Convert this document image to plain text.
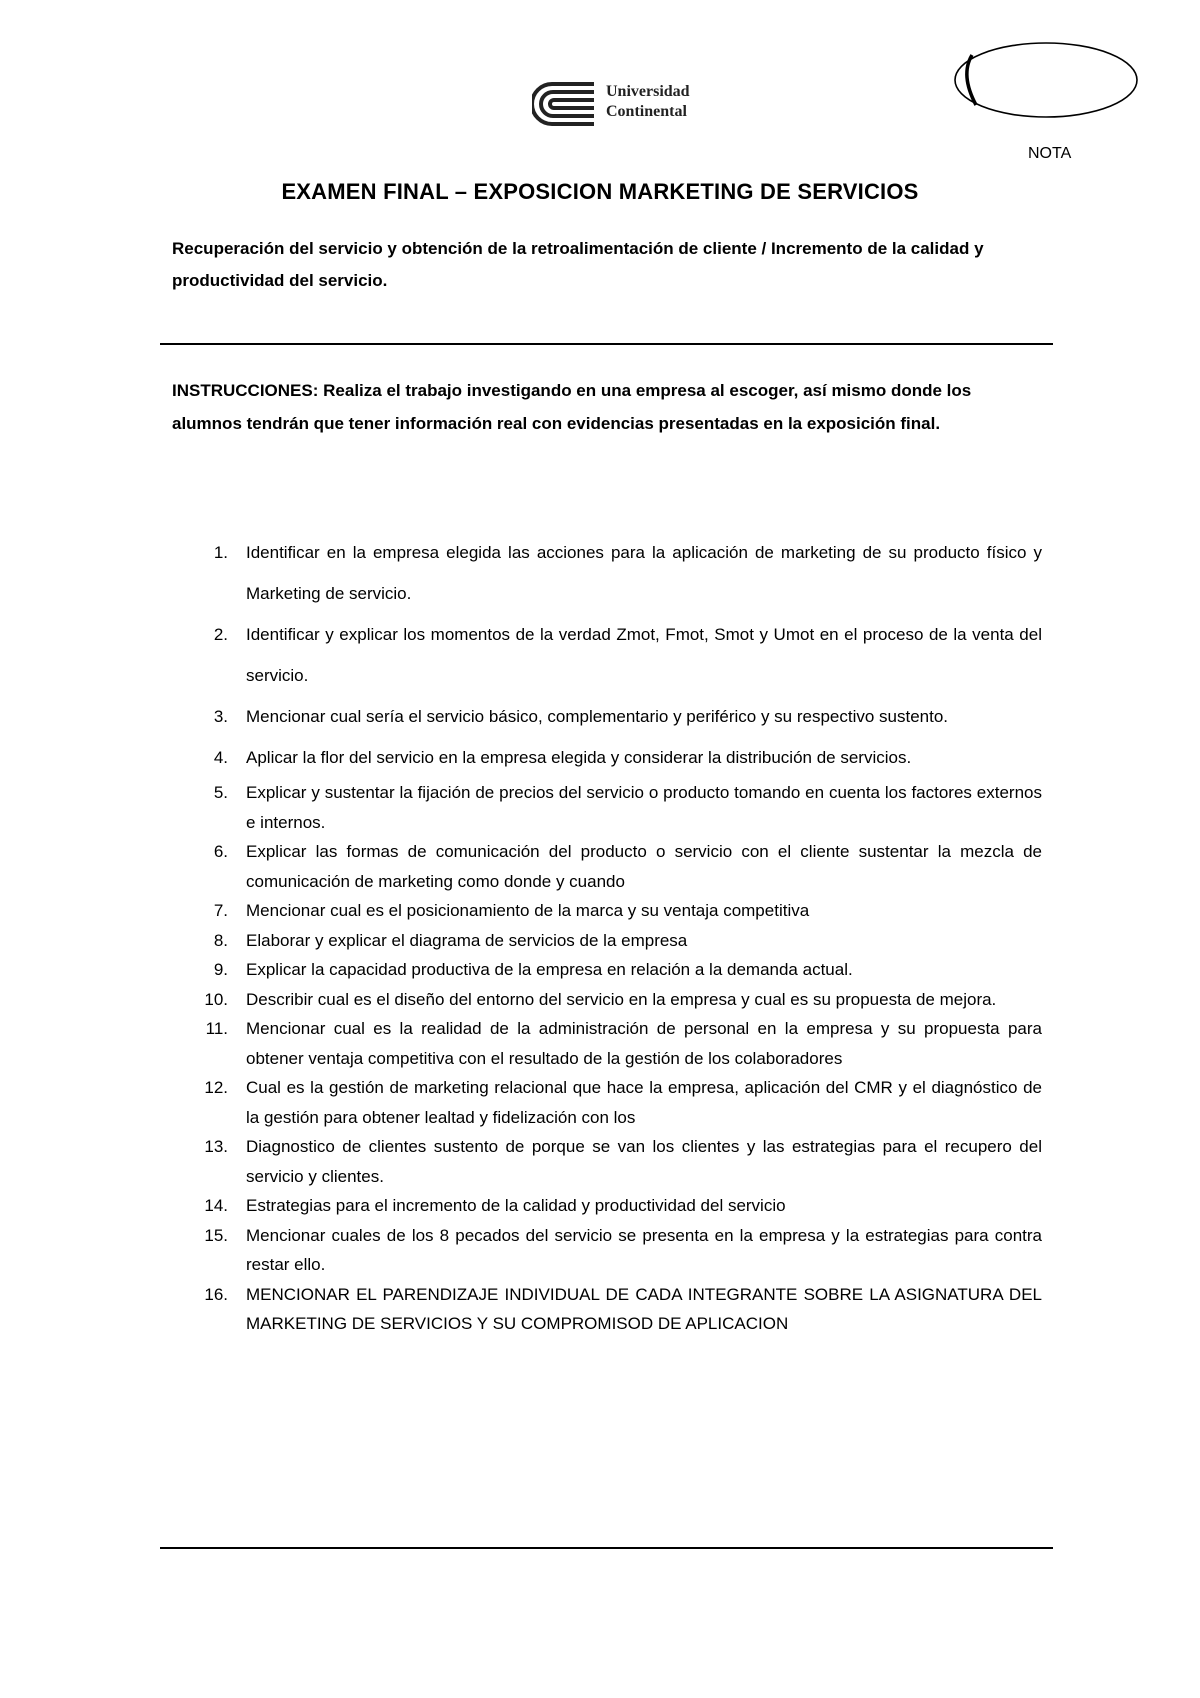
Universidad
Continental
NOTA
EXAMEN FINAL – EXPOSICION MARKETING DE SERVICIOS
Recuperación del servicio y obtención de la retroalimentación de cliente / Incremento de la calidad y productividad del servicio.
INSTRUCCIONES: Realiza el trabajo investigando en una empresa al escoger, así mismo donde los alumnos tendrán que tener información real con evidencias presentadas en la exposición final.
1. Identificar en la empresa elegida las acciones para la aplicación de marketing de su producto físico y Marketing de servicio.
2. Identificar y explicar los momentos de la verdad Zmot, Fmot, Smot y Umot en el proceso de la venta del servicio.
3. Mencionar cual sería el servicio básico, complementario y periférico y su respectivo sustento.
4. Aplicar la flor del servicio en la empresa elegida y considerar la distribución de servicios.
5. Explicar y sustentar la fijación de precios del servicio o producto tomando en cuenta los factores externos e internos.
6. Explicar las formas de comunicación del producto o servicio con el cliente sustentar la mezcla de comunicación de marketing como donde y cuando
7. Mencionar cual es el posicionamiento de la marca y su ventaja competitiva
8. Elaborar y explicar el diagrama de servicios de la empresa
9. Explicar la capacidad productiva de la empresa en relación a la demanda actual.
10. Describir cual es el diseño del entorno del servicio en la empresa y cual es su propuesta de mejora.
11. Mencionar cual es la realidad de la administración de personal en la empresa y su propuesta para obtener ventaja competitiva con el resultado de la gestión de los colaboradores
12. Cual es la gestión de marketing relacional que hace la empresa, aplicación del CMR y el diagnóstico de la gestión para obtener lealtad y fidelización con los
13. Diagnostico de clientes sustento de porque se van los clientes y las estrategias para el recupero del servicio y clientes.
14. Estrategias para el incremento de la calidad y productividad del servicio
15. Mencionar cuales de los 8 pecados del servicio se presenta en la empresa y la estrategias para contra restar ello.
16. MENCIONAR EL PARENDIZAJE INDIVIDUAL DE CADA INTEGRANTE SOBRE LA ASIGNATURA DEL MARKETING DE SERVICIOS Y SU COMPROMISOD DE APLICACION
